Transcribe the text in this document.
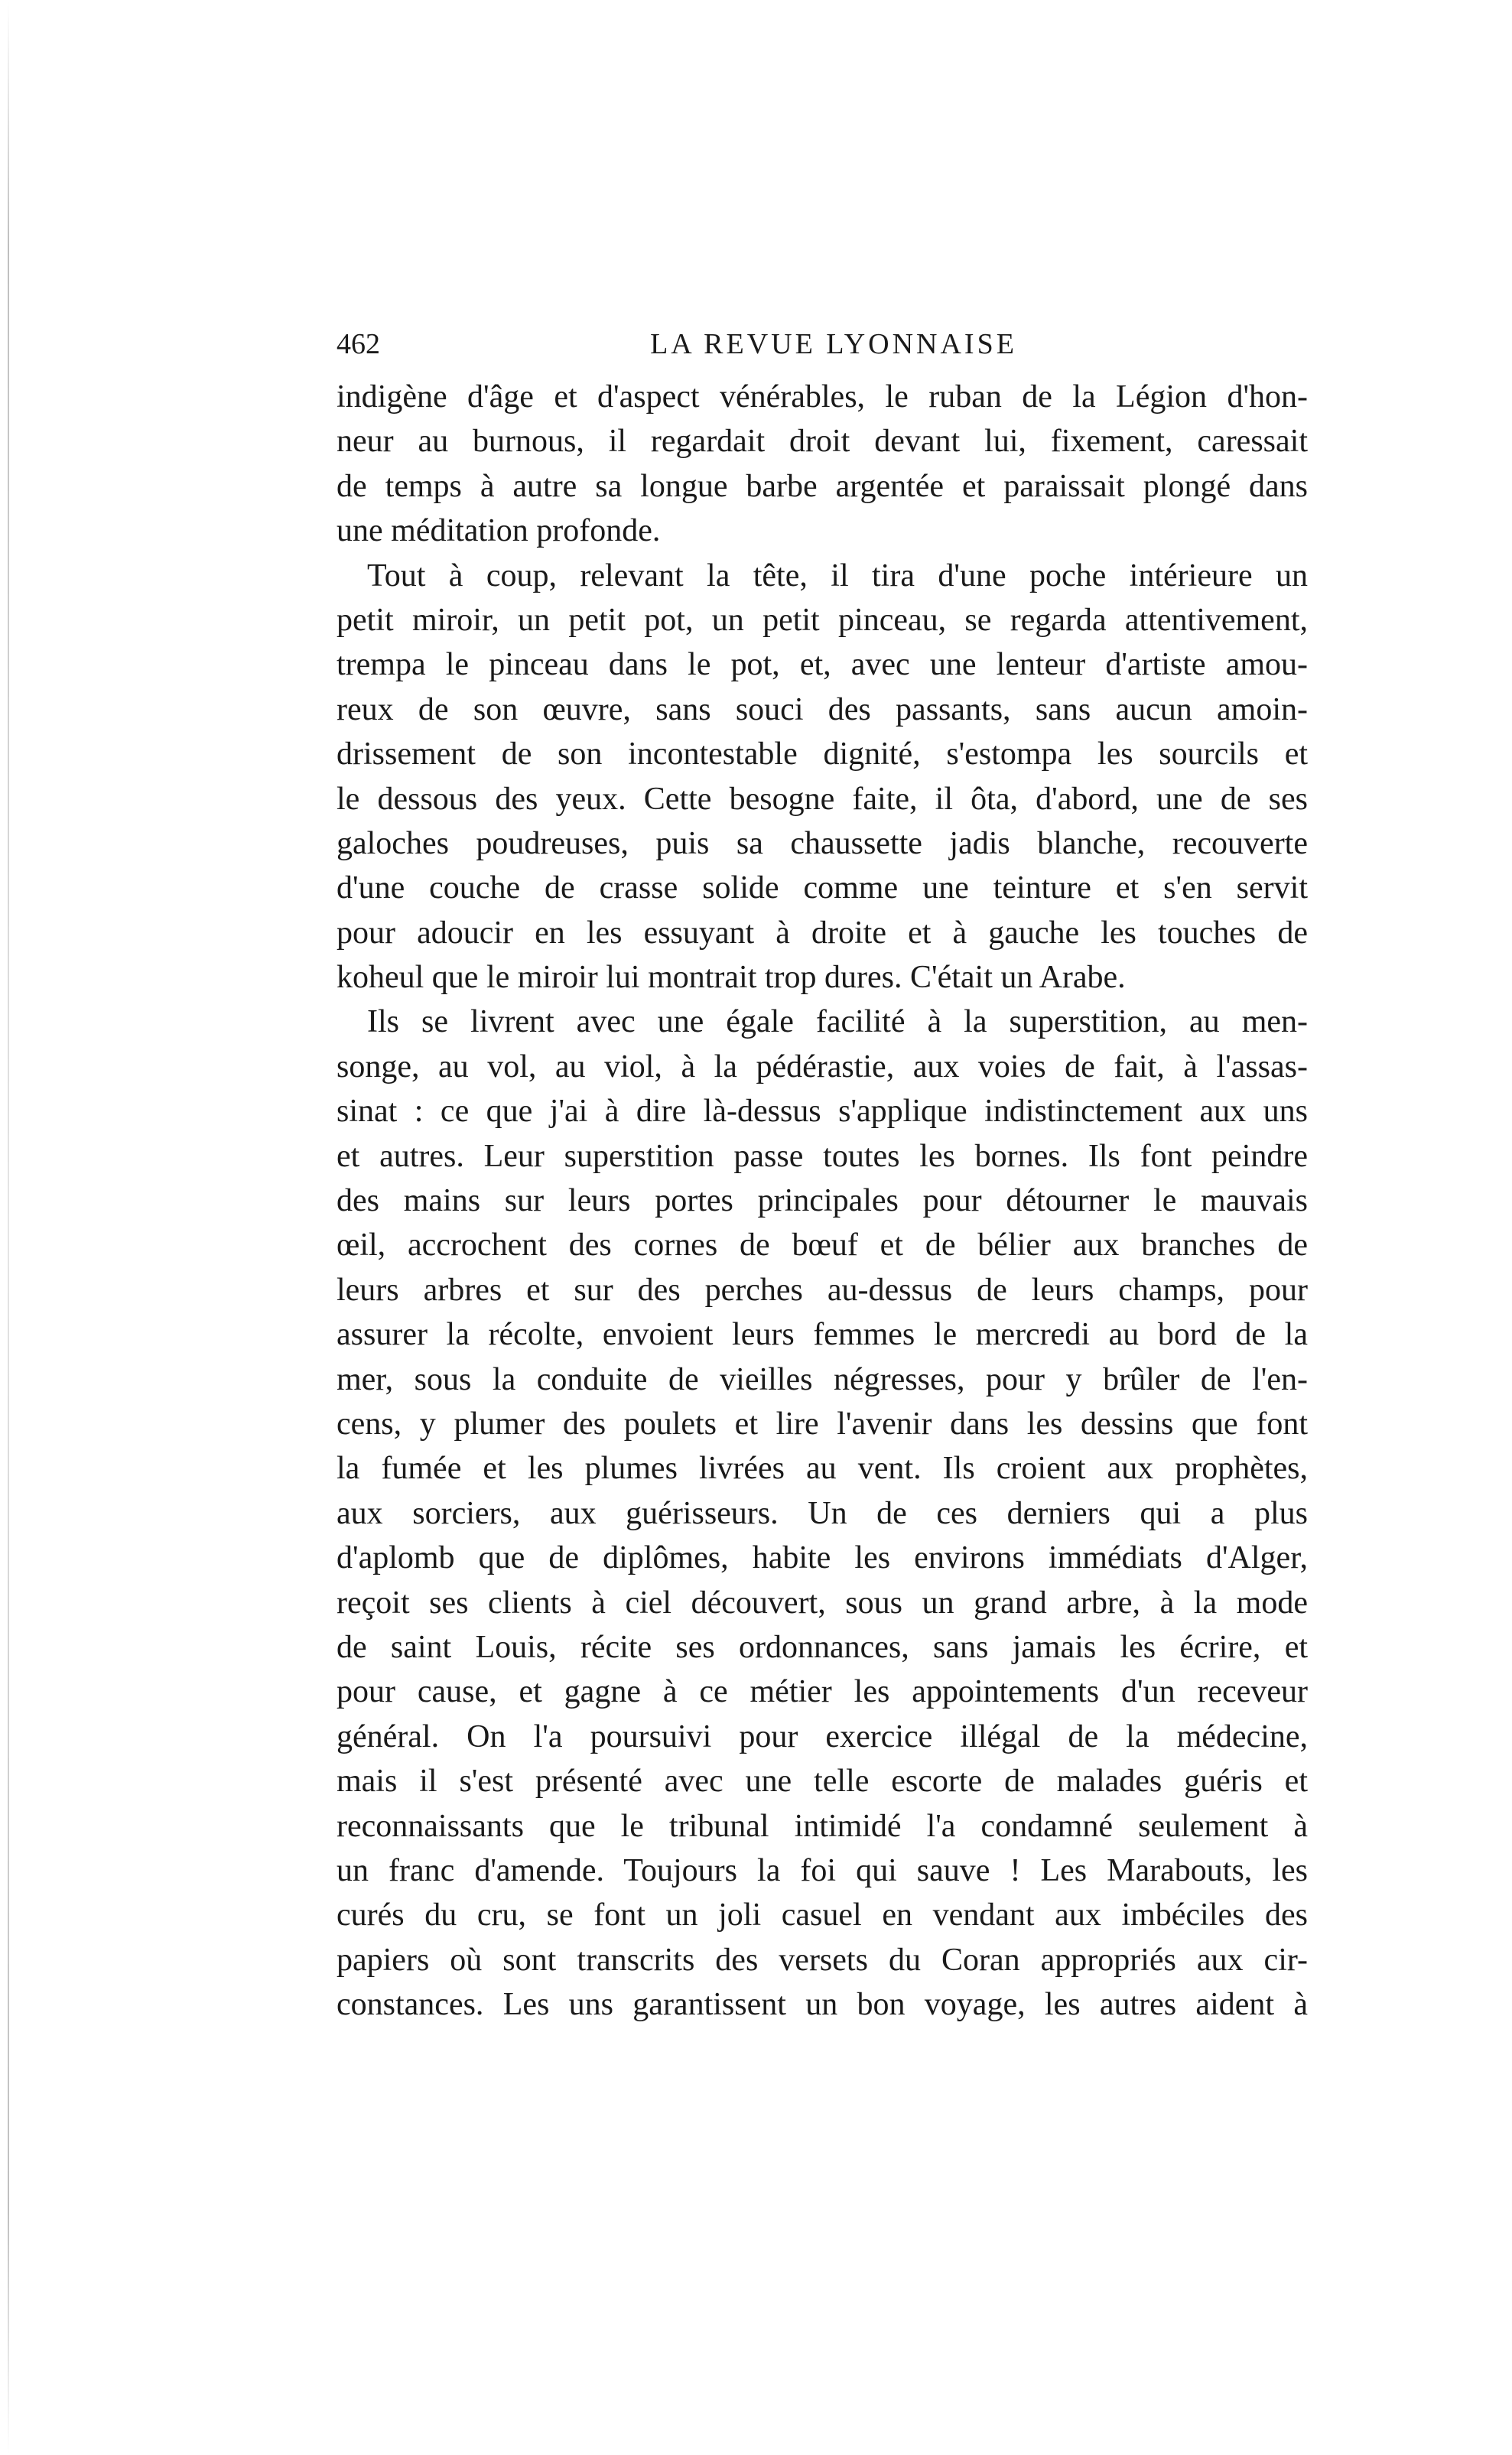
462	LA REVUE LYONNAISE
indigène d'âge et d'aspect vénérables, le ruban de la Légion d'hon-
neur au burnous, il regardait droit devant lui, fixement, caressait
de temps à autre sa longue barbe argentée et paraissait plongé dans
une méditation profonde.
Tout à coup, relevant la tête, il tira d'une poche intérieure un
petit miroir, un petit pot, un petit pinceau, se regarda attentivement,
trempa le pinceau dans le pot, et, avec une lenteur d'artiste amou-
reux de son œuvre, sans souci des passants, sans aucun amoin-
drissement de son incontestable dignité, s'estompa les sourcils et
le dessous des yeux. Cette besogne faite, il ôta, d'abord, une de ses
galoches poudreuses, puis sa chaussette jadis blanche, recouverte
d'une couche de crasse solide comme une teinture et s'en servit
pour adoucir en les essuyant à droite et à gauche les touches de
koheul que le miroir lui montrait trop dures. C'était un Arabe.
Ils se livrent avec une égale facilité à la superstition, au men-
songe, au vol, au viol, à la pédérastie, aux voies de fait, à l'assas-
sinat : ce que j'ai à dire là-dessus s'applique indistinctement aux uns
et autres. Leur superstition passe toutes les bornes. Ils font peindre
des mains sur leurs portes principales pour détourner le mauvais
œil, accrochent des cornes de bœuf et de bélier aux branches de
leurs arbres et sur des perches au-dessus de leurs champs, pour
assurer la récolte, envoient leurs femmes le mercredi au bord de la
mer, sous la conduite de vieilles négresses, pour y brûler de l'en-
cens, y plumer des poulets et lire l'avenir dans les dessins que font
la fumée et les plumes livrées au vent. Ils croient aux prophètes,
aux sorciers, aux guérisseurs. Un de ces derniers qui a plus
d'aplomb que de diplômes, habite les environs immédiats d'Alger,
reçoit ses clients à ciel découvert, sous un grand arbre, à la mode
de saint Louis, récite ses ordonnances, sans jamais les écrire, et
pour cause, et gagne à ce métier les appointements d'un receveur
général. On l'a poursuivi pour exercice illégal de la médecine,
mais il s'est présenté avec une telle escorte de malades guéris et
reconnaissants que le tribunal intimidé l'a condamné seulement à
un franc d'amende. Toujours la foi qui sauve ! Les Marabouts, les
curés du cru, se font un joli casuel en vendant aux imbéciles des
papiers où sont transcrits des versets du Coran appropriés aux cir-
constances. Les uns garantissent un bon voyage, les autres aident à
